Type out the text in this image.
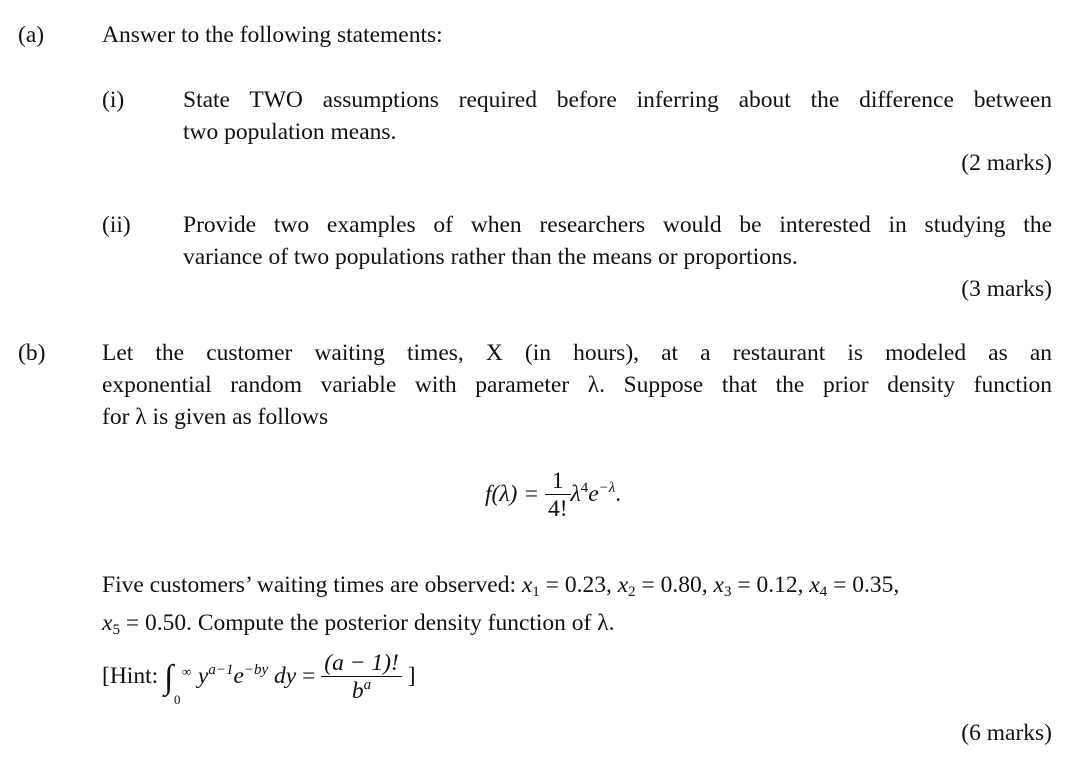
(a) Answer to the following statements:
(i)	State TWO assumptions required before inferring about the difference between
two population means.
(2 marks)
(ii) Provide two examples of when researchers would be interested in studying the
variance of two populations rather than the means or proportions.
(3 marks)
(b) Let the customer waiting times, X (in hours), at a restaurant is modeled as an
exponential random variable with parameter λ. Suppose that the prior density function
for λ is given as follows
$f(\lambda) = \frac{1}{4!} \lambda^4e^{-\lambda}$.
Five customers’ waiting times are observed: $x_1 = 0.23$, $x_2 = 0.80$, $x_3 = 0.12$, $x_4 = 0.35$,
$x_5 = 0.50$. Compute the posterior density function of λ.
[Hint: ∫ ∞
0
$y^{a-1}e^{-by}$ dy = $\frac{(a - 1)!}{b^a}$ ]
(6 marks)
